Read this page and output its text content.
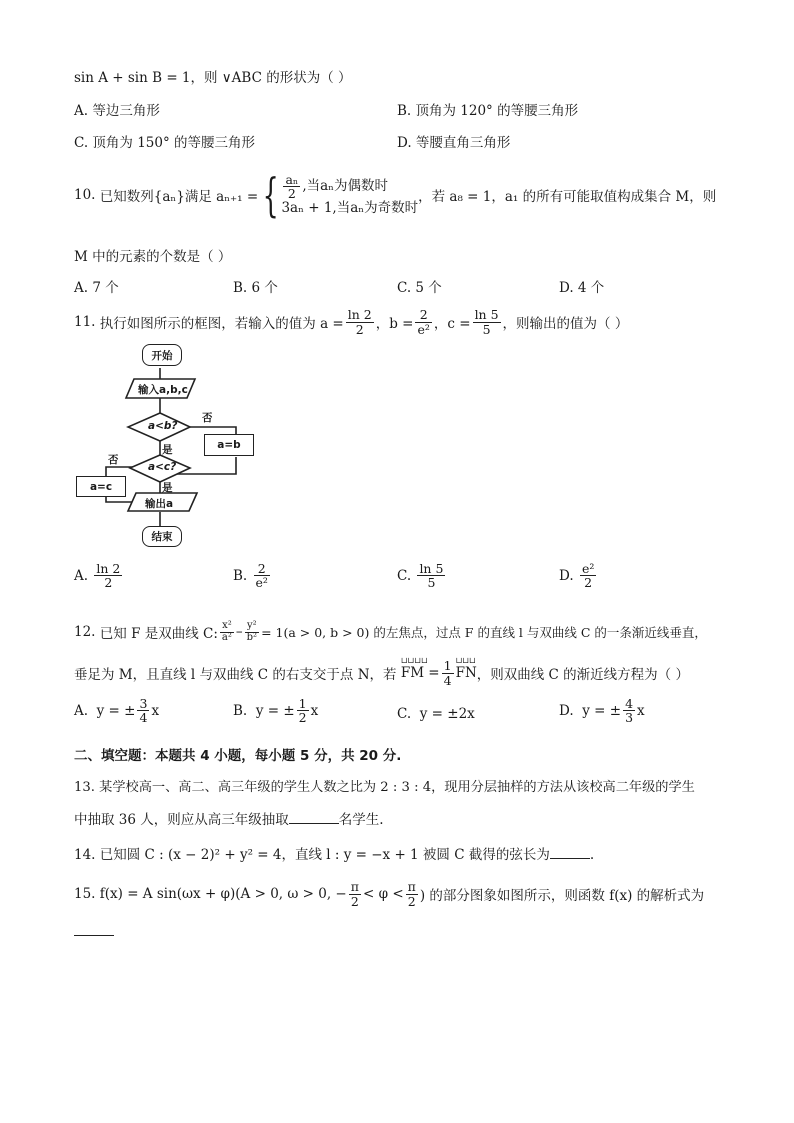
sin A + sin B = 1，则 ∨ABC 的形状为（ ）
A. 等边三角形	B. 顶角为 120° 的等腰三角形
C. 顶角为 150° 的等腰三角形	D. 等腰直角三角形
10.
已知数列{aₙ}满足 aₙ₊₁ = { $\frac{\text{aₙ}}{2}$ ,当aₙ为偶数时
3aₙ + 1,当aₙ为奇数时
，若 a₈ = 1，a₁ 的所有可能取值构成集合 M，则
M 中的元素的个数是（ ）
A. 7 个	B. 6 个	C. 5 个	D. 4 个
11.
执行如图所示的框图，若输入的值为 $a = \frac{\ln 2}{2}$ ，$b = \frac{2}{\text{e²}}$ ，$c = \frac{\ln 5}{5}$ ，则输出的值为（ ）
开始
输入a,b,c
a<b?
否
a=b
是
a<c?
否
a=c	是
输出a
结束
A.
$\frac{\ln 2}{2}$	B.
$\frac{2}{\text{e²}}$	C.
$\frac{\ln 5}{5}$	D.
$\frac{\text{e²}}{2}$
12.
已知 F 是双曲线 C: $\frac{\text{x²}}{\text{a²}} - \frac{\text{y²}}{\text{b²}} = 1(a > 0$, b > 0) 的左焦点，过点 F 的直线 l 与双曲线 C 的一条渐近线垂直，
垂足为 M，且直线 l 与双曲线 C 的右支交于点 N，若

⊔⊔⊔⊔
FM = $\frac{1}{4}$ ⊔⊔⊔
FN ，则双曲线 C 的渐近线方程为（ ）
A.
y = ± $\frac{3}{4}$ x	B.
y = ± $\frac{1}{2}$ x	C. y = ±2x	D.
y = ± $\frac{4}{3}$ x
二、填空题：本题共 4 小题，每小题 5 分，共 20 分.
13. 某学校高一、高二、高三年级的学生人数之比为 2 : 3 : 4，现用分层抽样的方法从该校高二年级的学生
中抽取 36 人，则应从高三年级抽取	名学生.
14. 已知圆 C : (x − 2)² + y² = 4，直线 l : y = −x + 1 被圆 C 截得的弦长为	.
15. f(x) = A sin(ωx + φ)(A > 0, ω > 0, − $\frac{\pi}{2} < \varphi < \frac{\pi}{2}$ ) 的部分图象如图所示，则函数 f(x) 的解析式为
